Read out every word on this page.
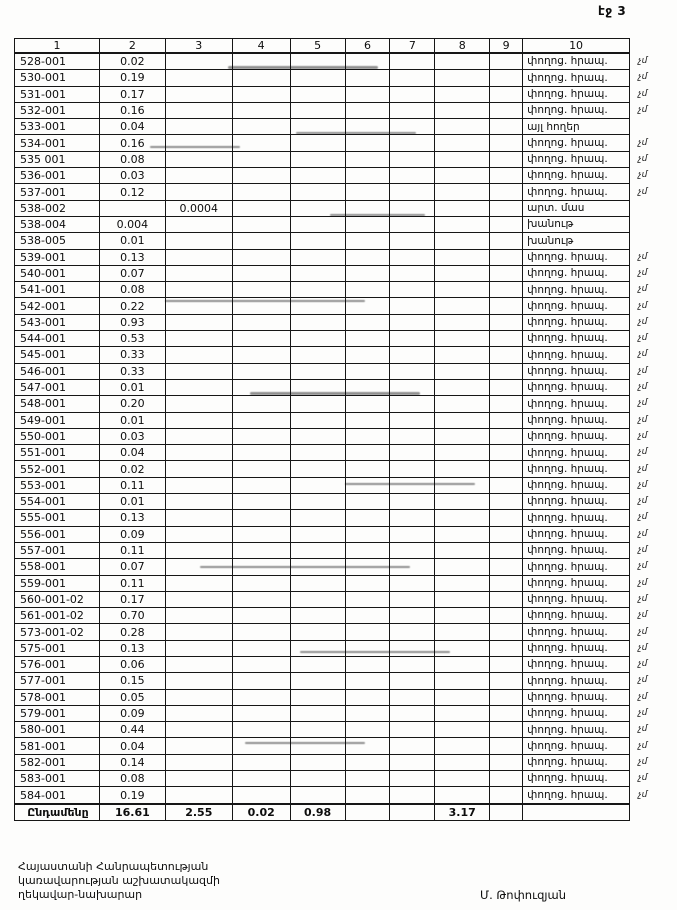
էջ 3
1	2	3	4	5	6	7	8	9	10	
528-001	0.02								փողոց. հրապ.	չմ
530-001	0.19								փողոց. հրապ.	չմ
531-001	0.17								փողոց. հրապ.	չմ
532-001	0.16								փողոց. հրապ.	չմ
533-001	0.04								այլ հողեր	
534-001	0.16								փողոց. հրապ.	չմ
535 001	0.08								փողոց. հրապ.	չմ
536-001	0.03								փողոց. հրապ.	չմ
537-001	0.12								փողոց. հրապ.	չմ
538-002		0.0004							արտ. մաս	
538-004	0.004								խանութ	
538-005	0.01								խանութ	
539-001	0.13								փողոց. հրապ.	չմ
540-001	0.07								փողոց. հրապ.	չմ
541-001	0.08								փողոց. հրապ.	չմ
542-001	0.22								փողոց. հրապ.	չմ
543-001	0.93								փողոց. հրապ.	չմ
544-001	0.53								փողոց. հրապ.	չմ
545-001	0.33								փողոց. հրապ.	չմ
546-001	0.33								փողոց. հրապ.	չմ
547-001	0.01								փողոց. հրապ.	չմ
548-001	0.20								փողոց. հրապ.	չմ
549-001	0.01								փողոց. հրապ.	չմ
550-001	0.03								փողոց. հրապ.	չմ
551-001	0.04								փողոց. հրապ.	չմ
552-001	0.02								փողոց. հրապ.	չմ
553-001	0.11								փողոց. հրապ.	չմ
554-001	0.01								փողոց. հրապ.	չմ
555-001	0.13								փողոց. հրապ.	չմ
556-001	0.09								փողոց. հրապ.	չմ
557-001	0.11								փողոց. հրապ.	չմ
558-001	0.07								փողոց. հրապ.	չմ
559-001	0.11								փողոց. հրապ.	չմ
560-001-02	0.17								փողոց. հրապ.	չմ
561-001-02	0.70								փողոց. հրապ.	չմ
573-001-02	0.28								փողոց. հրապ.	չմ
575-001	0.13								փողոց. հրապ.	չմ
576-001	0.06								փողոց. հրապ.	չմ
577-001	0.15								փողոց. հրապ.	չմ
578-001	0.05								փողոց. հրապ.	չմ
579-001	0.09								փողոց. հրապ.	չմ
580-001	0.44								փողոց. հրապ.	չմ
581-001	0.04								փողոց. հրապ.	չմ
582-001	0.14								փողոց. հրապ.	չմ
583-001	0.08								փողոց. հրապ.	չմ
584-001	0.19								փողոց. հրապ.	չմ
Ընդամենը	16.61	2.55	0.02	0.98			3.17			
Հայաստանի Հանրապետության
կառավարության աշխատակազմի
ղեկավար-նախարար	Մ. Թոփուզյան
